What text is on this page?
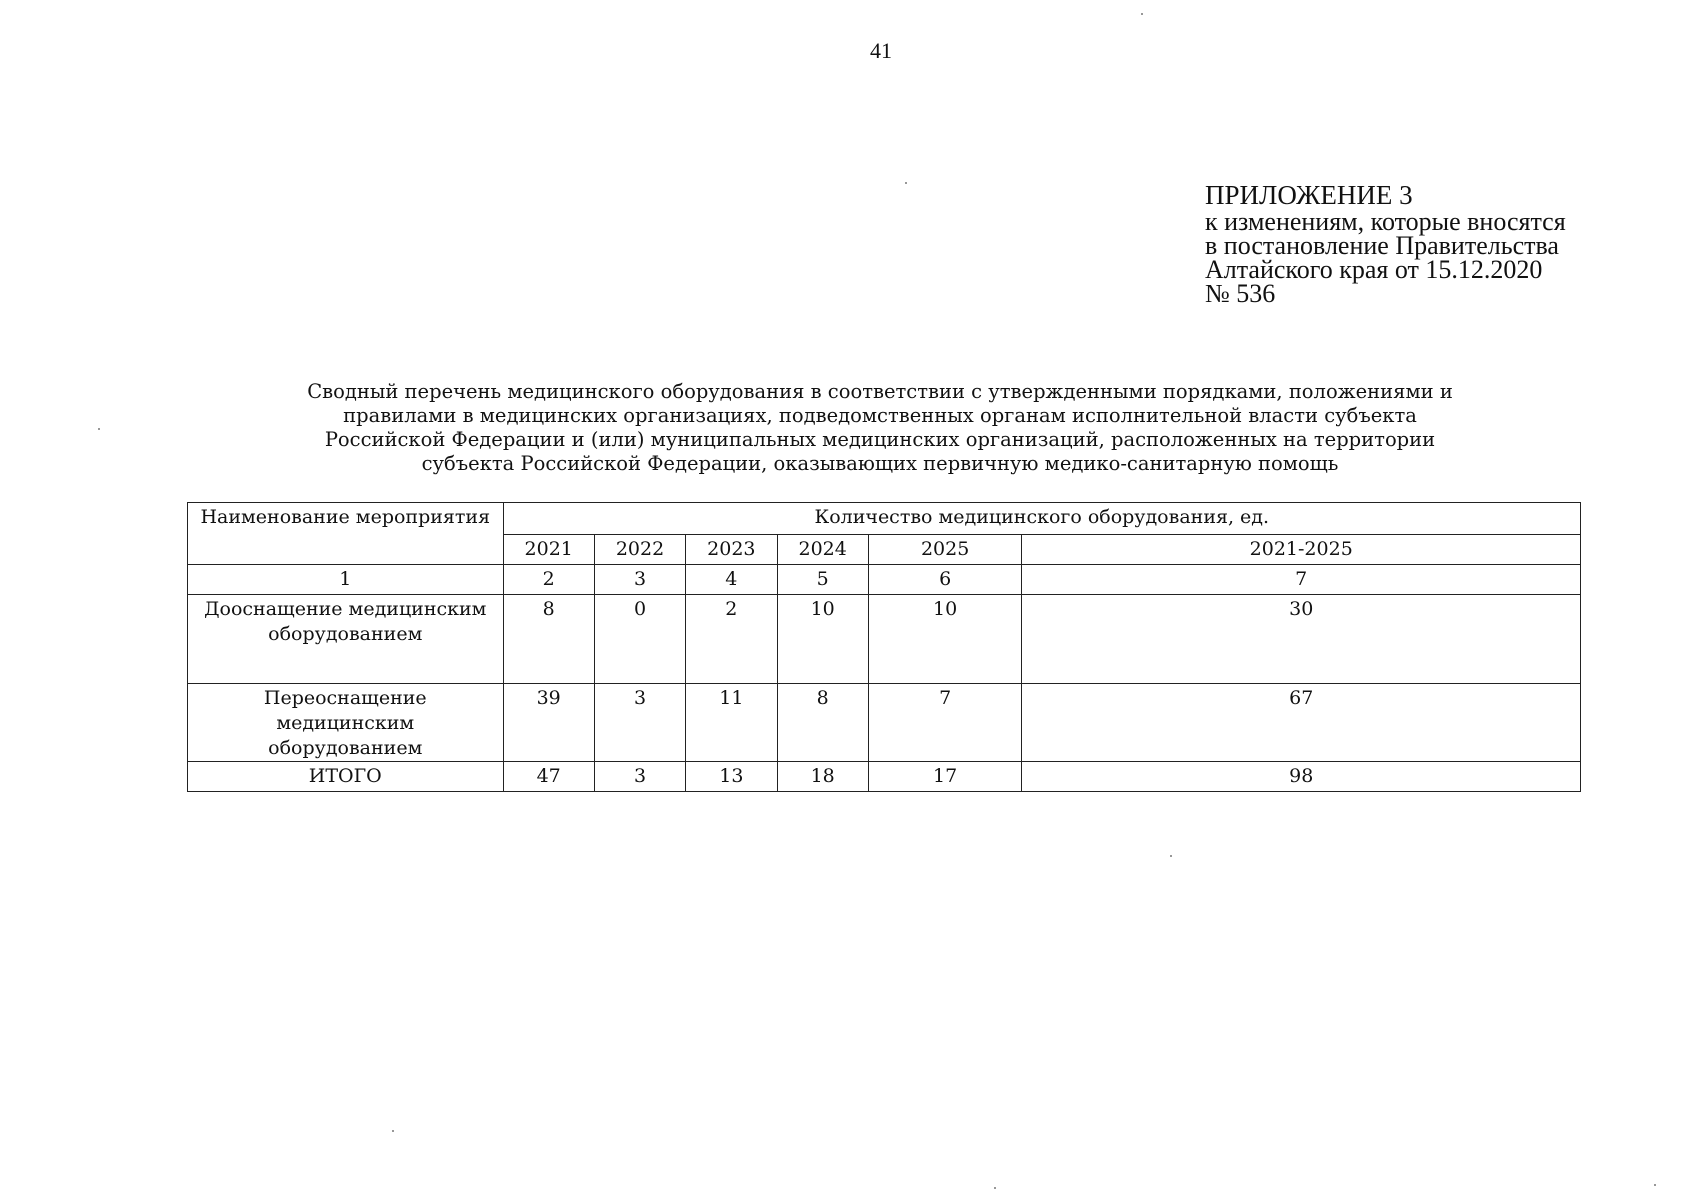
41
ПРИЛОЖЕНИЕ 3
к изменениям, которые вносятся
в постановление Правительства
Алтайского края от 15.12.2020
№ 536
Сводный перечень медицинского оборудования в соответствии с утвержденными порядками, положениями и
правилами в медицинских организациях, подведомственных органам исполнительной власти субъекта
Российской Федерации и (или) муниципальных медицинских организаций, расположенных на территории
субъекта Российской Федерации, оказывающих первичную медико-санитарную помощь
Наименование мероприятия	Количество медицинского оборудования, ед.					
	2021	2022	2023	2024	2025	2021-2025
1	2	3	4	5	6	7

Дооснащение медицинским
оборудованием	8	0	2	10	10	30

Переоснащение медицинским
оборудованием	39	3	11	8	7	67
ИТОГО	47	3	13	18	17	98
